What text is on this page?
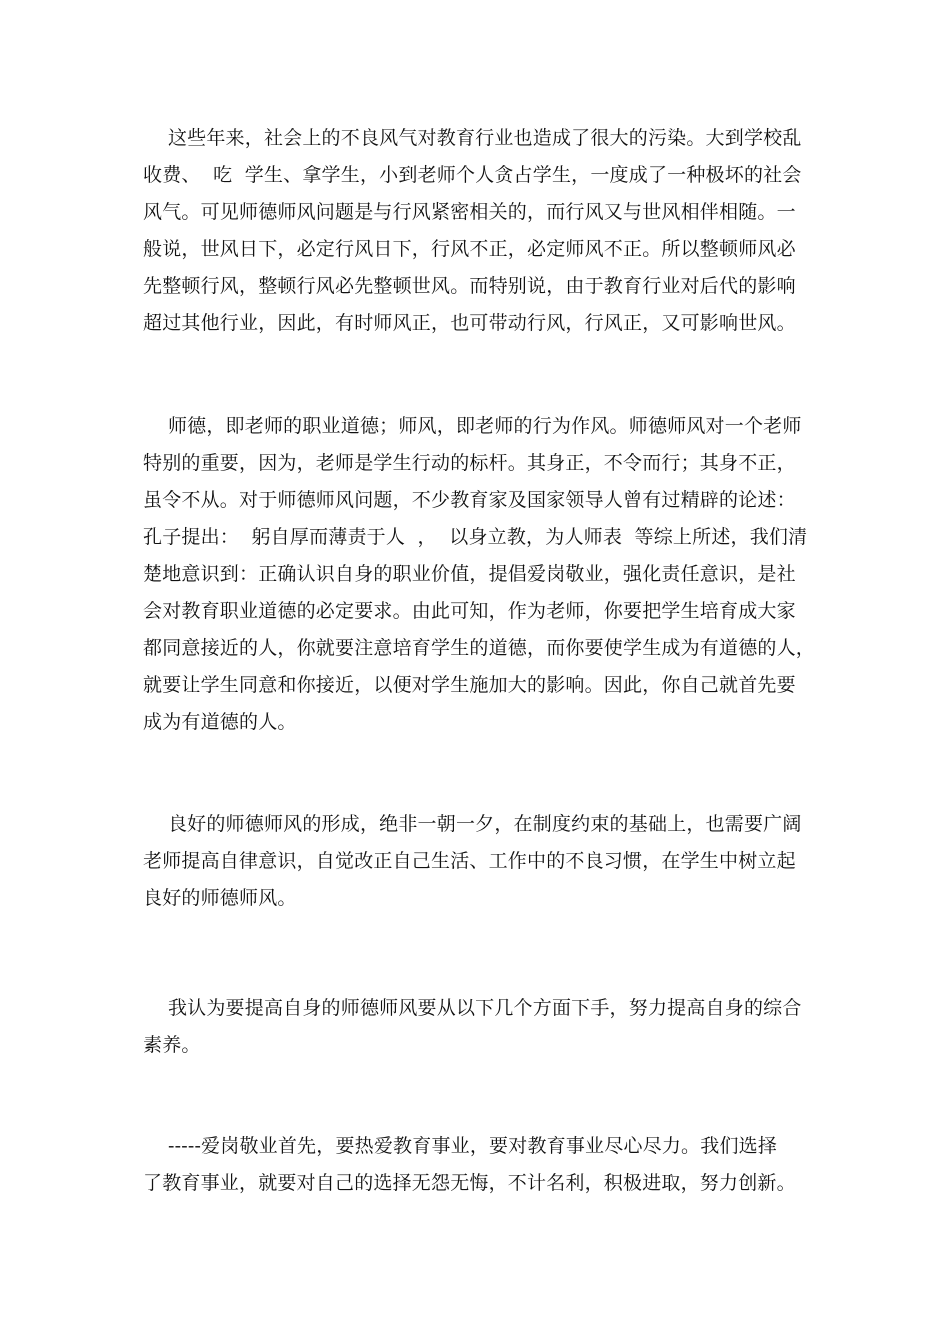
这些年来，社会上的不良风气对教育行业也造成了很大的污染。大到学校乱
收费、  吃  学生、拿学生，小到老师个人贪占学生，一度成了一种极坏的社会
风气。可见师德师风问题是与行风紧密相关的，而行风又与世风相伴相随。一
般说，世风日下，必定行风日下，行风不正，必定师风不正。所以整顿师风必
先整顿行风，整顿行风必先整顿世风。而特别说，由于教育行业对后代的影响
超过其他行业，因此，有时师风正，也可带动行风，行风正，又可影响世风。
师德，即老师的职业道德；师风，即老师的行为作风。师德师风对一个老师
特别的重要，因为，老师是学生行动的标杆。其身正，不令而行；其身不正，
虽令不从。对于师德师风问题，不少教育家及国家领导人曾有过精辟的论述：
孔子提出：  躬自厚而薄责于人  ，  以身立教，为人师表  等综上所述，我们清
楚地意识到：正确认识自身的职业价值，提倡爱岗敬业，强化责任意识，是社
会对教育职业道德的必定要求。由此可知，作为老师，你要把学生培育成大家
都同意接近的人，你就要注意培育学生的道德，而你要使学生成为有道德的人，
就要让学生同意和你接近，以便对学生施加大的影响。因此，你自己就首先要
成为有道德的人。
良好的师德师风的形成，绝非一朝一夕，在制度约束的基础上，也需要广阔
老师提高自律意识，自觉改正自己生活、工作中的不良习惯，在学生中树立起
良好的师德师风。
我认为要提高自身的师德师风要从以下几个方面下手，努力提高自身的综合
素养。
-----爱岗敬业首先，要热爱教育事业，要对教育事业尽心尽力。我们选择
了教育事业，就要对自己的选择无怨无悔，不计名利，积极进取，努力创新。
